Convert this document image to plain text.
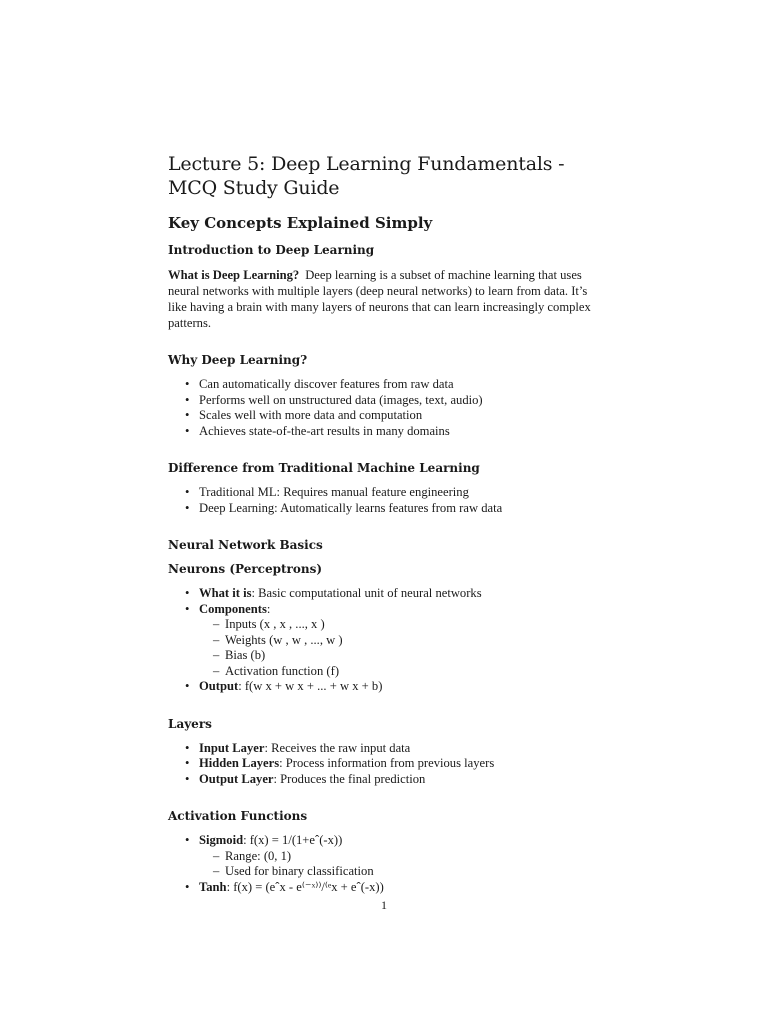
Lecture 5: Deep Learning Fundamentals - MCQ Study Guide
Key Concepts Explained Simply
Introduction to Deep Learning

What is Deep Learning? Deep learning is a subset of machine learning that uses neural networks with multiple layers (deep neural networks) to learn from data. It’s like having a brain with many layers of neurons that can learn increasingly complex patterns.

Why Deep Learning?
• Can automatically discover features from raw data
• Performs well on unstructured data (images, text, audio)
• Scales well with more data and computation
• Achieves state-of-the-art results in many domains
Difference from Traditional Machine Learning
• Traditional ML: Requires manual feature engineering
• Deep Learning: Automatically learns features from raw data
Neural Network Basics
Neurons (Perceptrons)
• What it is: Basic computational unit of neural networks
• Components:
– Inputs (x , x , ..., x )
– Weights (w , w , ..., w )
– Bias (b)
– Activation function (f)
• Output: f(w x + w x + ... + w x + b)
Layers
• Input Layer: Receives the raw input data
• Hidden Layers: Process information from previous layers
• Output Layer: Produces the final prediction
Activation Functions
• Sigmoid: f(x) = 1/(1+eˆ(-x))
– Range: (0, 1)
– Used for binary classification
• Tanh: f(x) = (eˆx - e⁽⁻ˣ⁾⁾/⁽ᵉx + eˆ(-x))
1
